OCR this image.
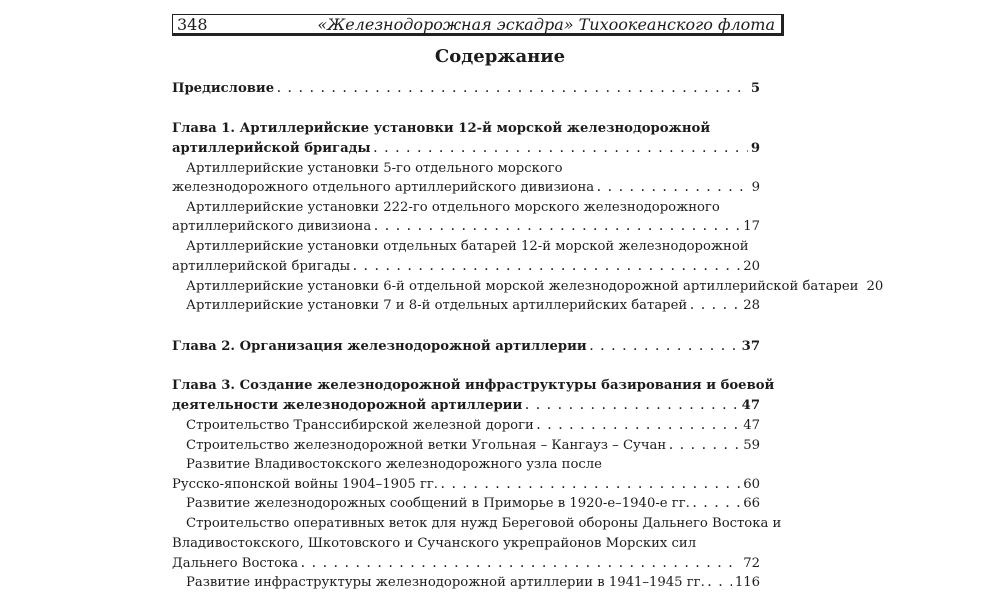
348	«Железнодорожная эскадра» Тихоокеанского флота
Содержание
Предисловие . . .	5
Глава 1. Артиллерийские установки 12-й морской железнодорожной
артиллерийской бригады . . .	9
Артиллерийские установки 5-го отдельного морского
железнодорожного отдельного артиллерийского дивизиона . . .	9
Артиллерийские установки 222-го отдельного морского железнодорожного
артиллерийского дивизиона . . .	17
Артиллерийские установки отдельных батарей 12-й морской железнодорожной
артиллерийской бригады . . .	20
Артиллерийские установки 6-й отдельной морской железнодорожной артиллерийской батареи 20
Артиллерийские установки 7 и 8-й отдельных артиллерийских батарей . . .	28
Глава 2. Организация железнодорожной артиллерии . . .	37
Глава 3. Создание железнодорожной инфраструктуры базирования и боевой
деятельности железнодорожной артиллерии . . .	47
Строительство Транссибирской железной дороги . . .	47
Строительство железнодорожной ветки Угольная – Кангауз – Сучан . . .	59
Развитие Владивостокского железнодорожного узла после
Русско-японской войны 1904–1905 гг. . . .	60
Развитие железнодорожных сообщений в Приморье в 1920-е–1940-е гг. . . .	66
Строительство оперативных веток для нужд Береговой обороны Дальнего Востока и
Владивостокского, Шкотовского и Сучанского укрепрайонов Морских сил
Дальнего Востока . . .	72
Развитие инфраструктуры железнодорожной артиллерии в 1941–1945 гг. . . . 116
